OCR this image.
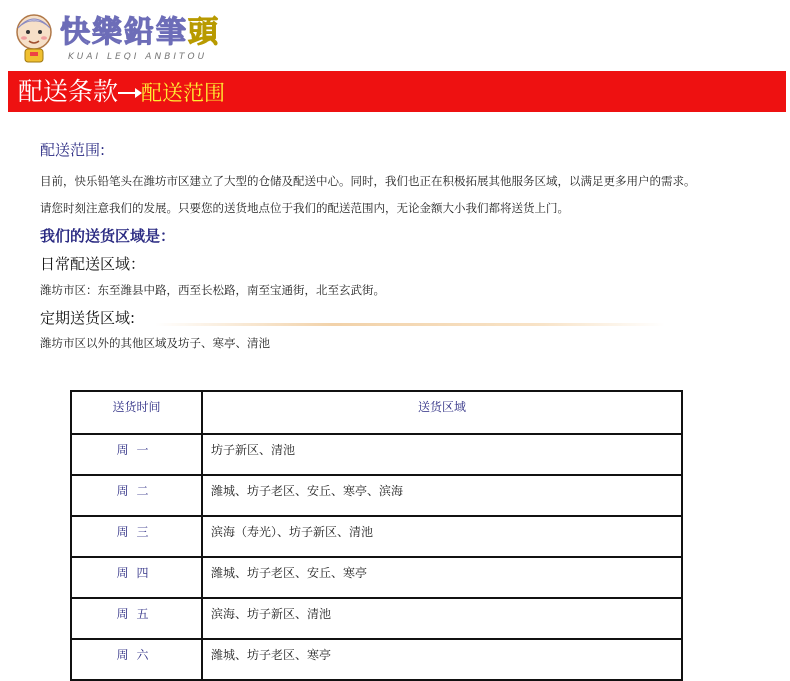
快樂鉛筆頭
KUAI LEQI ANBITOU
配送条款 配送范围

配送范围:

目前，快乐铅笔头在潍坊市区建立了大型的仓储及配送中心。同时，我们也正在积极拓展其他服务区域，以满足更多用户的需求。

请您时刻注意我们的发展。只要您的送货地点位于我们的配送范围内，无论金额大小我们都将送货上门。

我们的送货区域是：

日常配送区域：

潍坊市区：东至潍县中路，西至长松路，南至宝通街，北至玄武街。

定期送货区域:

潍坊市区以外的其他区域及坊子、寒亭、清池

送货时间	送货区域
周一	坊子新区、清池
周二	潍城、坊子老区、安丘、寒亭、滨海
周三	滨海（寿光）、坊子新区、清池
周四	潍城、坊子老区、安丘、寒亭
周五	滨海、坊子新区、清池
周六	潍城、坊子老区、寒亭
